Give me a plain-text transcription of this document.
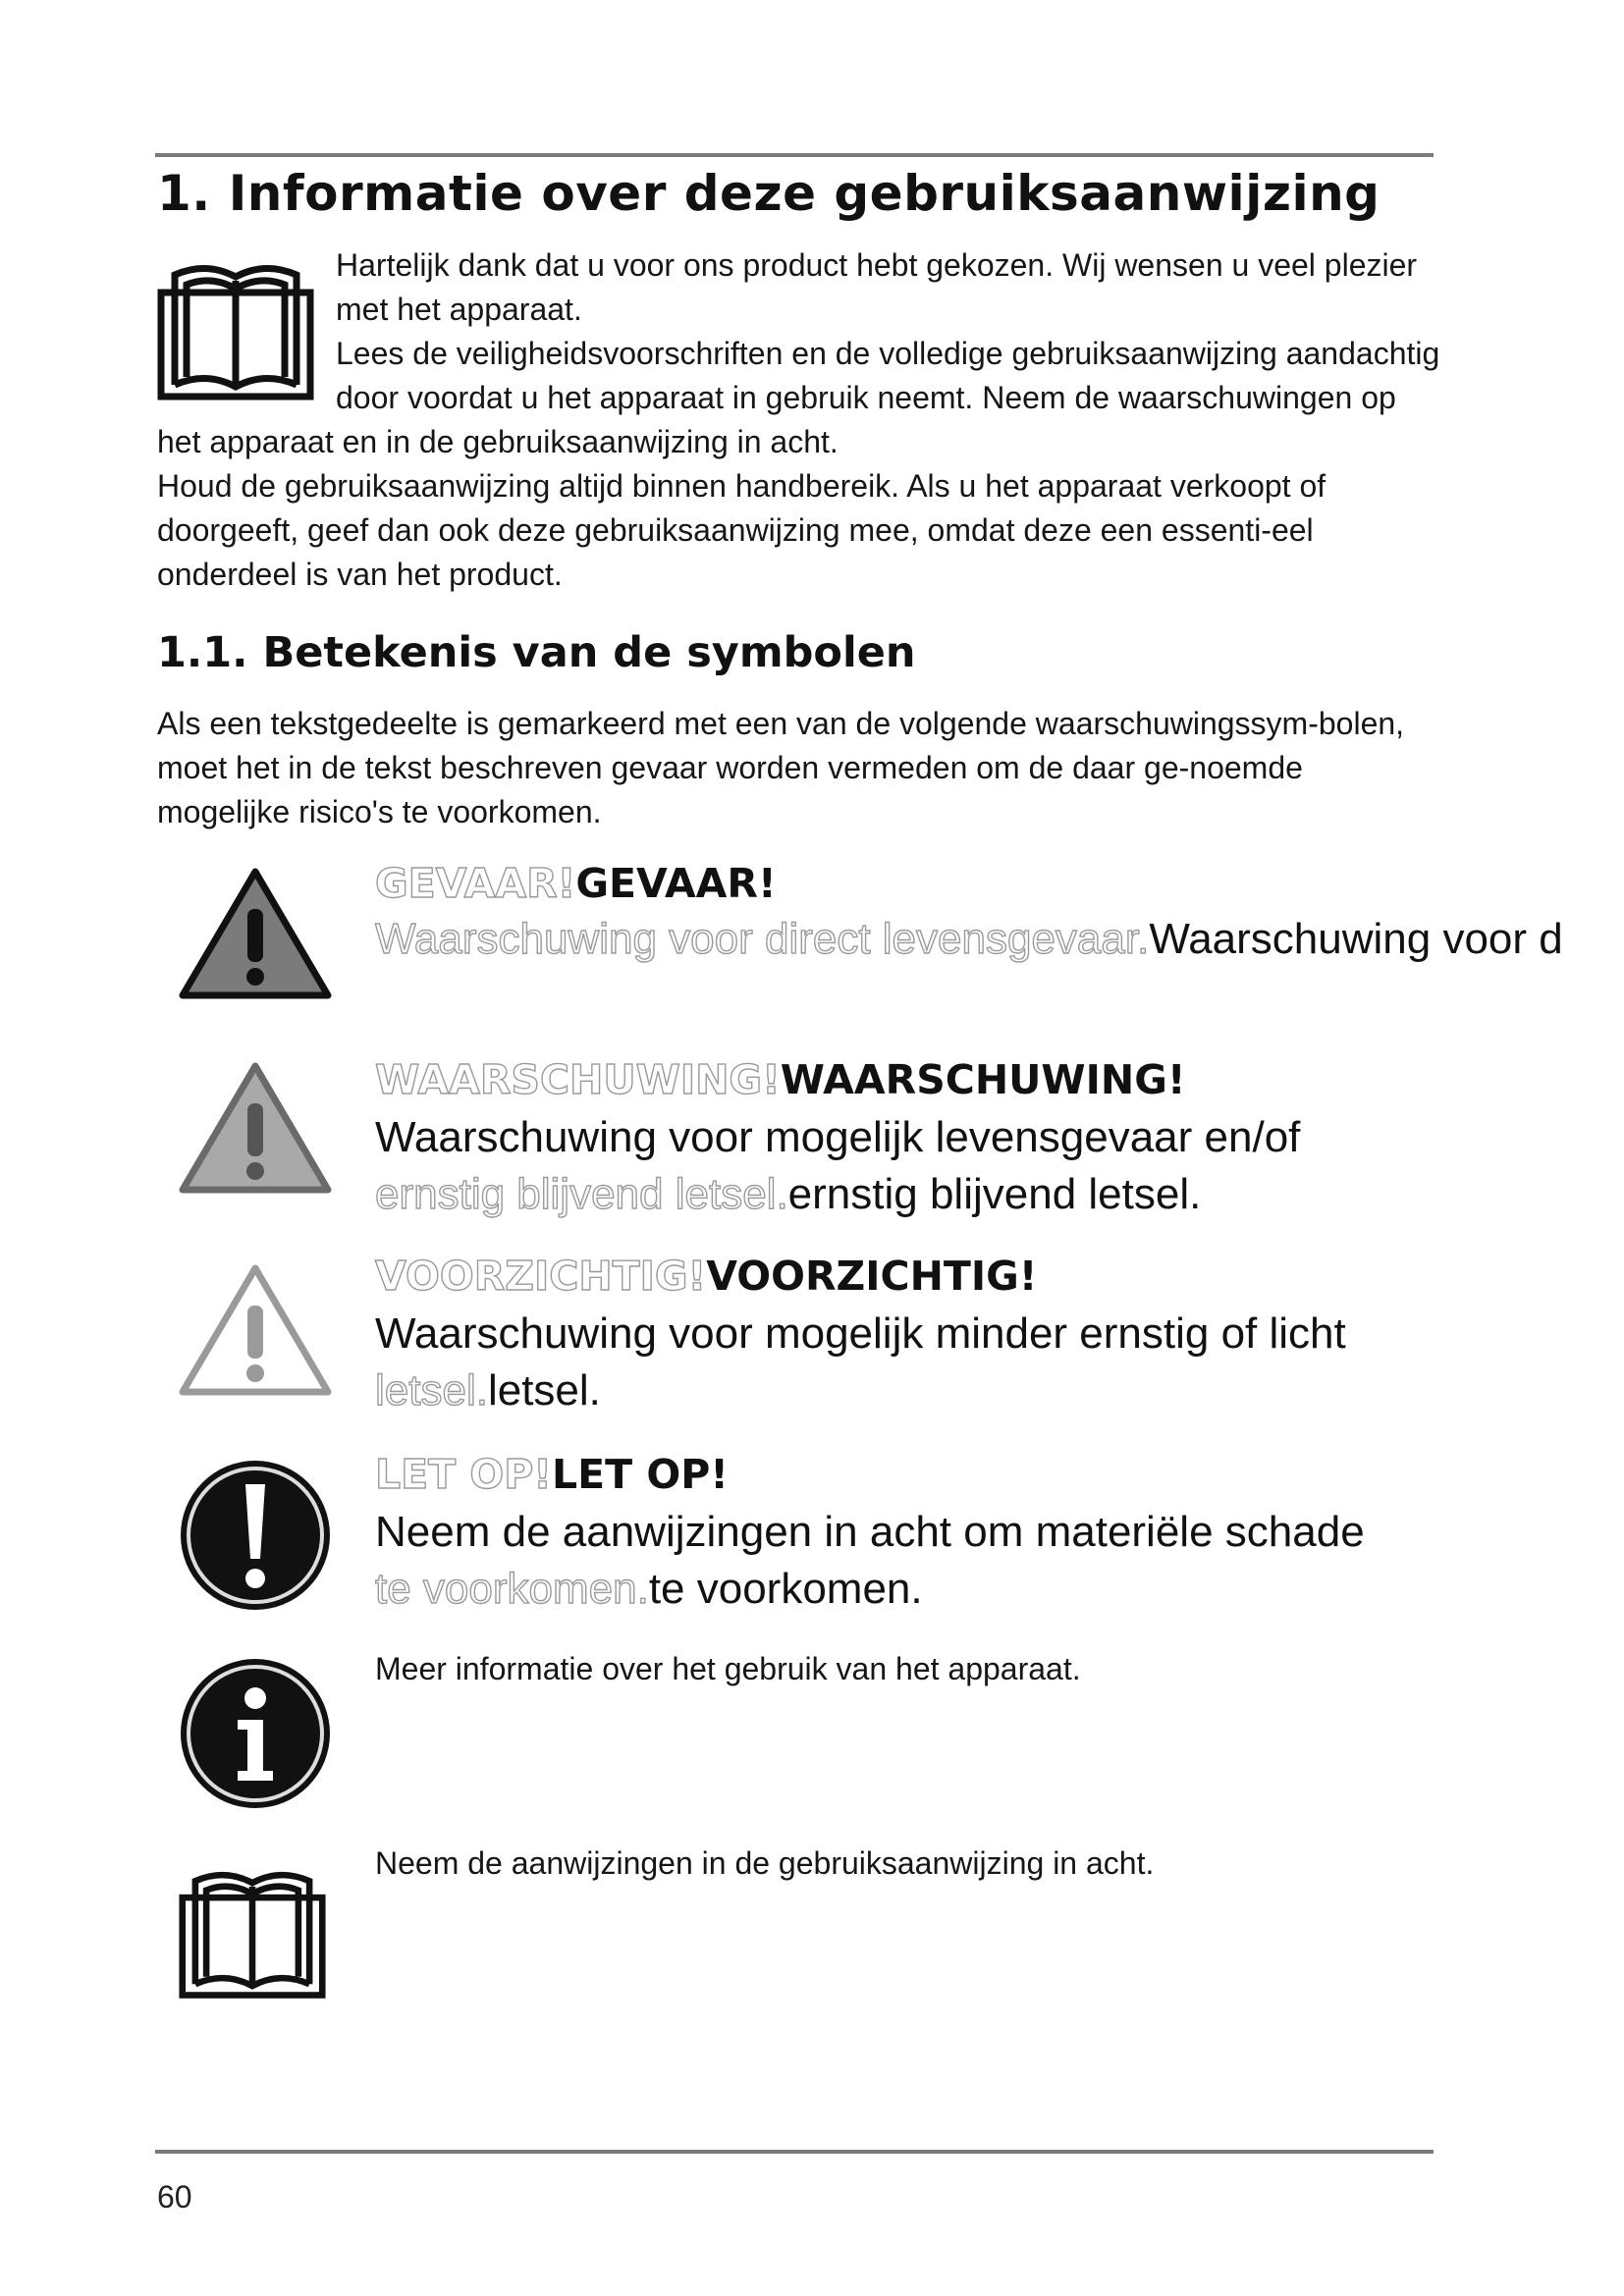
1. Informatie over deze gebruiksaanwijzing

Hartelijk dank dat u voor ons product hebt gekozen. Wij wensen u veel plezier met het apparaat.

Lees de veiligheidsvoorschriften en de volledige gebruiksaanwijzing aandachtig door voordat u het apparaat in gebruik neemt. Neem de waarschuwingen op het apparaat en in de gebruiksaanwijzing in acht.

Houd de gebruiksaanwijzing altijd binnen handbereik. Als u het apparaat verkoopt of doorgeeft, geef dan ook deze gebruiksaanwijzing mee, omdat deze een essenti-eel onderdeel is van het product.

1.1. Betekenis van de symbolen

Als een tekstgedeelte is gemarkeerd met een van de volgende waarschuwingssym-bolen, moet het in de tekst beschreven gevaar worden vermeden om de daar ge-noemde mogelijke risico's te voorkomen.

GEVAAR!GEVAAR!
Waarschuwing voor direct levensgevaar.Waarschuwing voor d
WAARSCHUWING!WAARSCHUWING!
Waarschuwing voor mogelijk levensgevaar en/of
ernstig blijvend letsel.ernstig blijvend letsel.
VOORZICHTIG!VOORZICHTIG!
Waarschuwing voor mogelijk minder ernstig of licht
letsel.letsel.
LET OP!LET OP!
Neem de aanwijzingen in acht om materiële schade
te voorkomen.te voorkomen.
Meer informatie over het gebruik van het apparaat.
Neem de aanwijzingen in de gebruiksaanwijzing in acht.
60
